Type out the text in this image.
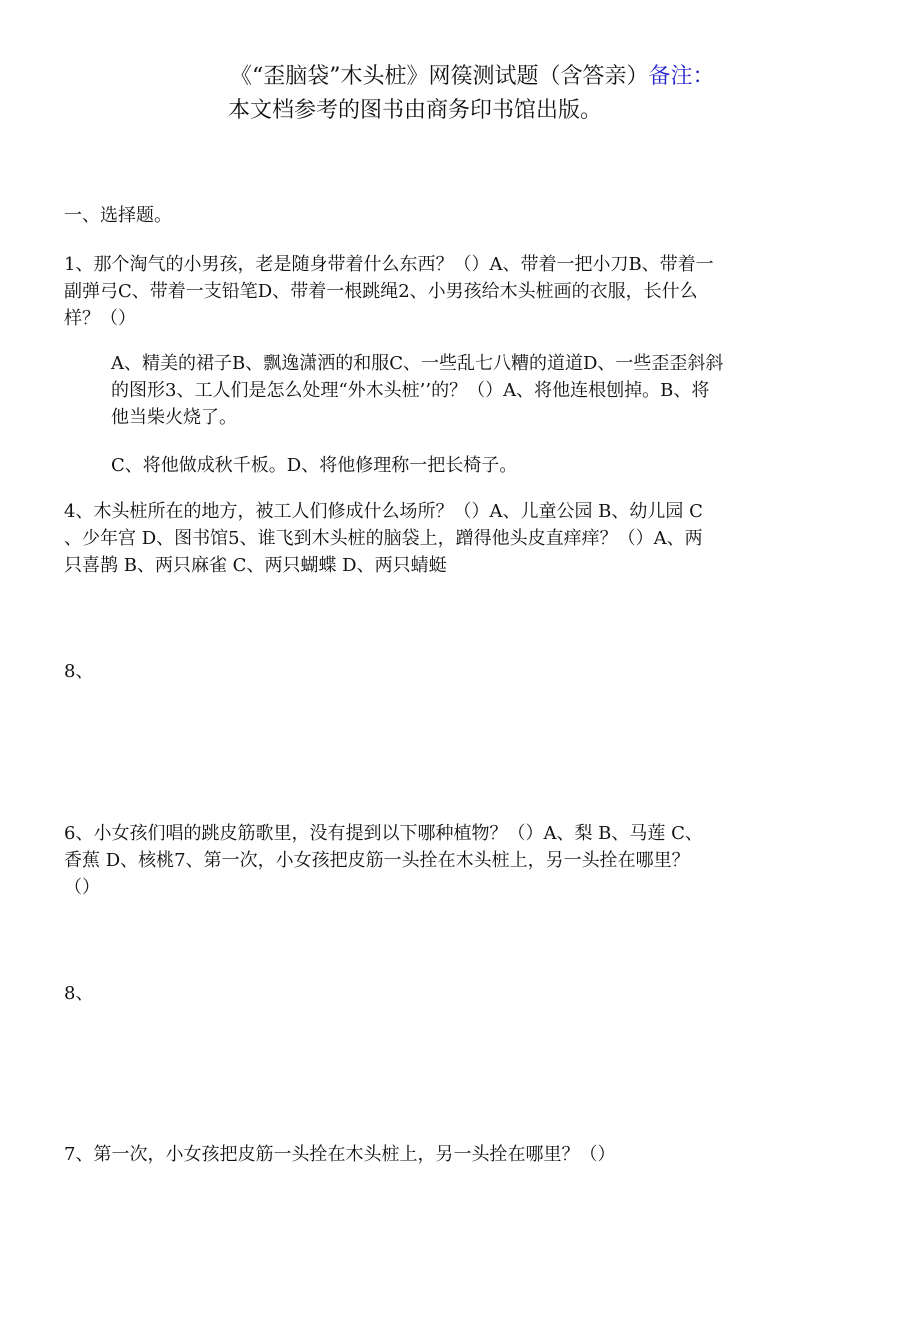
《“歪脑袋”木头桩》网篌测试题（含答亲）备注：
本文档参考的图书由商务印书馆出版。
一、选择题。
1、那个淘气的小男孩，老是随身带着什么东西？（）A、带着一把小刀B、带着一
副弹弓C、带着一支铅笔D、带着一根跳绳2、小男孩给木头桩画的衣服，长什么
样？（）
A、精美的裙子B、飘逸潇洒的和服C、一些乱七八糟的道道D、一些歪歪斜斜
的图形3、工人们是怎么处理“外木头桩’’的？（）A、将他连根刨掉。B、将
他当柴火烧了。
C、将他做成秋千板。D、将他修理称一把长椅子。
4、木头桩所在的地方，被工人们修成什么场所？（）A、儿童公园 B、幼儿园 C
、少年宫 D、图书馆5、谁飞到木头桩的脑袋上，蹭得他头皮直痒痒？（）A、两
只喜鹊 B、两只麻雀 C、两只蝴蝶 D、两只蜻蜓
8、
6、小女孩们唱的跳皮筋歌里，没有提到以下哪种植物？（）A、梨 B、马莲 C、
香蕉 D、核桃7、第一次，小女孩把皮筋一头拴在木头桩上，另一头拴在哪里？
（）
8、
7、第一次，小女孩把皮筋一头拴在木头桩上，另一头拴在哪里？（）
